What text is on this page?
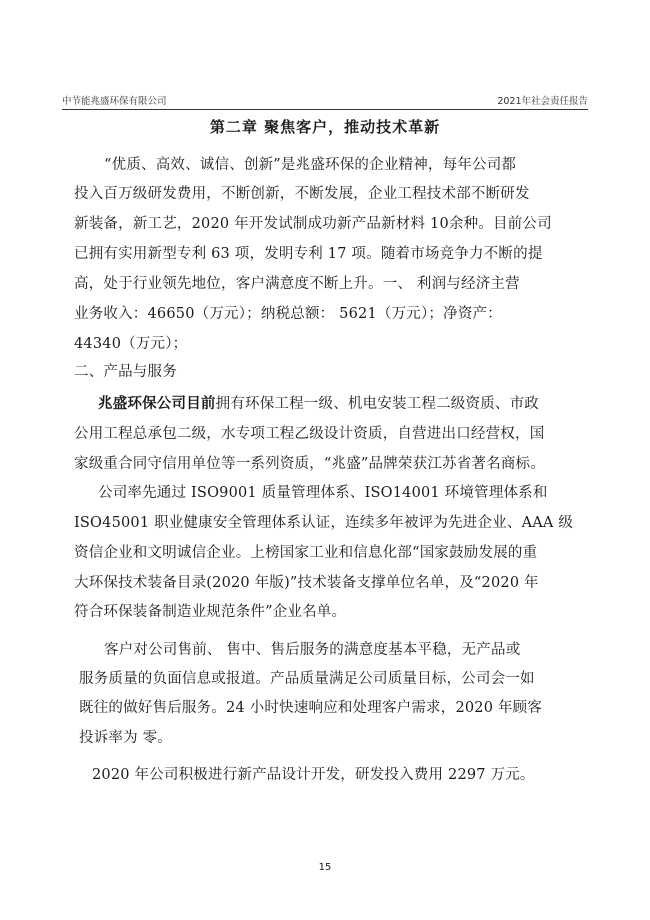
中节能兆盛环保有限公司	2021年社会责任报告
第二章 聚焦客户，推动技术革新
“优质、高效、诚信、创新”是兆盛环保的企业精神，每年公司都
投入百万级研发费用，不断创新，不断发展，企业工程技术部不断研发
新装备，新工艺，2020 年开发试制成功新产品新材料 10余种。目前公司
已拥有实用新型专利 63 项，发明专利 17 项。随着市场竞争力不断的提
高，处于行业领先地位，客户满意度不断上升。一、 利润与经济主营
业务收入：46650（万元）；纳税总额： 5621（万元）；净资产：
44340（万元）；
二、产品与服务
兆盛环保公司目前拥有环保工程一级、机电安装工程二级资质、市政
公用工程总承包二级，水专项工程乙级设计资质，自营进出口经营权，国
家级重合同守信用单位等一系列资质，“兆盛”品牌荣获江苏省著名商标。
公司率先通过 ISO9001 质量管理体系、ISO14001 环境管理体系和
ISO45001 职业健康安全管理体系认证，连续多年被评为先进企业、AAA 级
资信企业和文明诚信企业。上榜国家工业和信息化部“国家鼓励发展的重
大环保技术装备目录(2020 年版)”技术装备支撑单位名单，及“2020 年
符合环保装备制造业规范条件”企业名单。
客户对公司售前、 售中、售后服务的满意度基本平稳，无产品或
服务质量的负面信息或报道。产品质量满足公司质量目标，公司会一如
既往的做好售后服务。24 小时快速响应和处理客户需求，2020 年顾客
投诉率为 零。
2020 年公司积极进行新产品设计开发，研发投入费用 2297 万元。
15
